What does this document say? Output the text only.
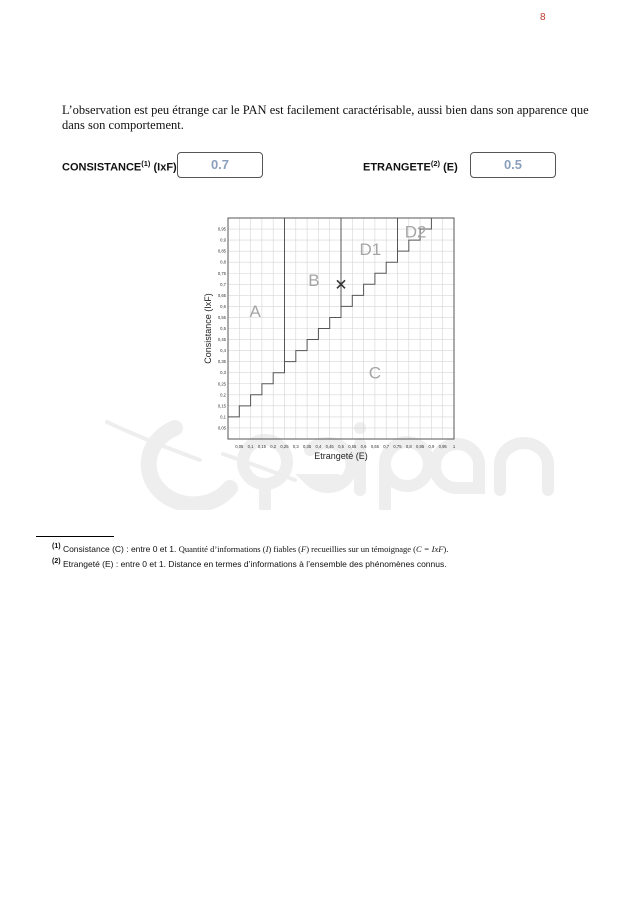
8

L’observation est peu étrange car le PAN est facilement caractérisable, aussi bien dans son apparence que dans son comportement.

CONSISTANCE$^{(1)}$ (IxF)	0.7	ETRANGETE$^{(2)}$ (E)	0.5
0,05 0,1 0,15 0,2 0,25 0,3 0,35 0,4 0,45 0,5 0,55 0,6 0,65 0,7 0,75 0,8 0,85 0,9 0,95 1
0,05
0,1
0,15
0,2
0,25
0,3
0,35
0,4
0,45
0,5
0,55
0,6
0,65
0,7
0,75
0,8
0,85
0,9
0,95
A
B
C
D1
D2
Etrangeté (E)
Consistance (IxF)
$^{(1)}$ Consistance (C) : entre 0 et 1. Quantité d’informations (I) fiables (F) recueillies sur un témoignage (C = IxF).
$^{(2)}$ Etrangeté (E) : entre 0 et 1. Distance en termes d’informations à l’ensemble des phénomènes connus.
